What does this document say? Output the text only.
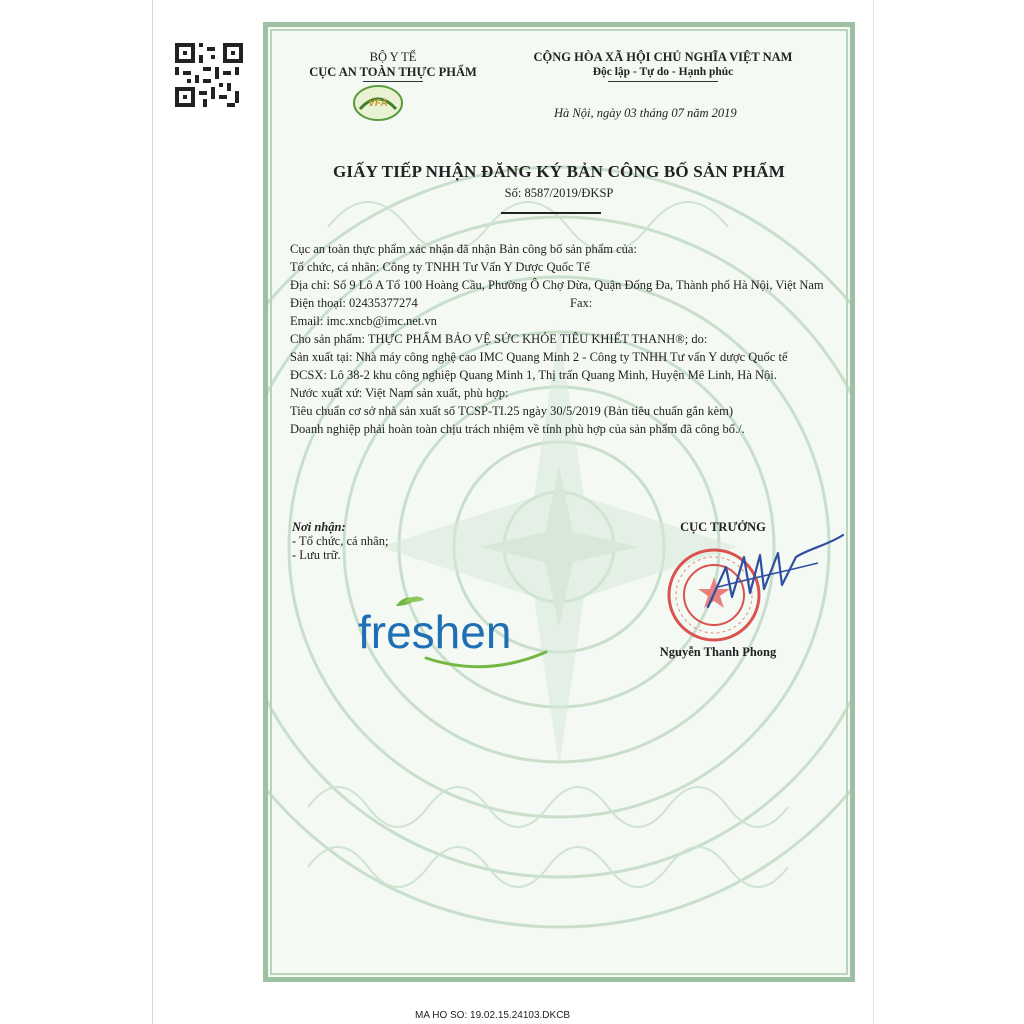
BỘ Y TẾ
CỤC AN TOÀN THỰC PHẨM
VFA
CỘNG HÒA XÃ HỘI CHỦ NGHĨA VIỆT NAM
Độc lập - Tự do - Hạnh phúc
Hà Nội, ngày 03 tháng 07 năm 2019
GIẤY TIẾP NHẬN ĐĂNG KÝ BẢN CÔNG BỐ SẢN PHẨM
Số: 8587/2019/ĐKSP
Cục an toàn thực phẩm xác nhận đã nhận Bản công bố sản phẩm của:
Tổ chức, cá nhân: Công ty TNHH Tư Vấn Y Dược Quốc Tế
Địa chỉ: Số 9 Lô A Tổ 100 Hoàng Cầu, Phường Ô Chợ Dừa, Quận Đống Đa, Thành phố Hà Nội, Việt Nam
Điện thoại: 02435377274	Fax:
Email: imc.xncb@imc.net.vn
Cho sản phẩm: THỰC PHẨM BẢO VỆ SỨC KHỎE TIÊU KHIẾT THANH®; do:
Sản xuất tại: Nhà máy công nghệ cao IMC Quang Minh 2 - Công ty TNHH Tư vấn Y dược Quốc tế
ĐCSX: Lô 38-2 khu công nghiệp Quang Minh 1, Thị trấn Quang Minh, Huyện Mê Linh, Hà Nội.
Nước xuất xứ: Việt Nam sản xuất, phù hợp:
Tiêu chuẩn cơ sở nhà sản xuất số TCSP-TI.25 ngày 30/5/2019 (Bản tiêu chuẩn gắn kèm)
Doanh nghiệp phải hoàn toàn chịu trách nhiệm về tính phù hợp của sản phẩm đã công bố./.
Nơi nhận:
- Tổ chức, cá nhân;
- Lưu trữ.
CỤC TRƯỞNG
Nguyễn Thanh Phong
freshen
MA HO SO: 19.02.15.24103.DKCB
